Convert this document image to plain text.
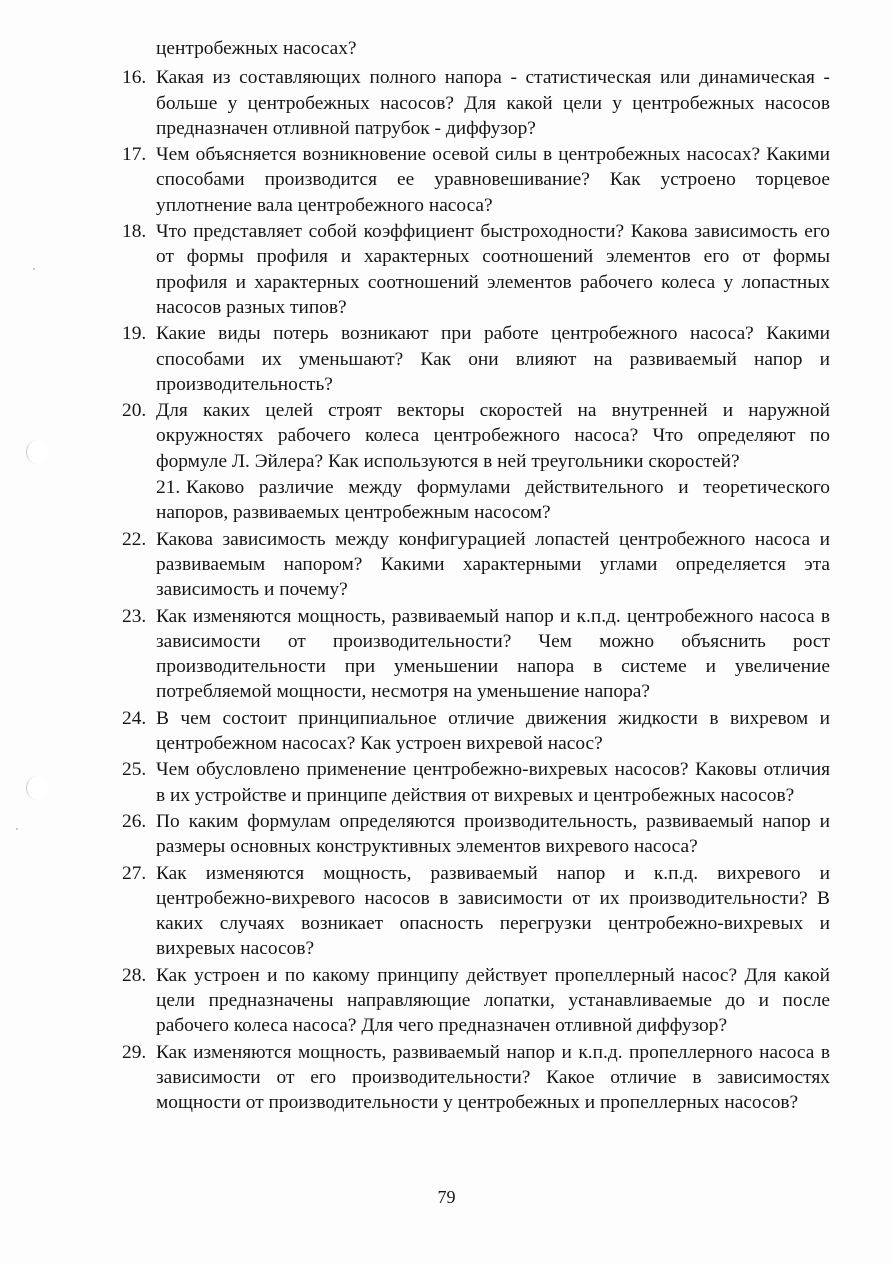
центробежных насосах?

16. Какая из составляющих полного напора - статистическая или динамическая - больше у центробежных насосов? Для какой цели у центробежных насосов предназначен отливной патрубок - диффузор?

17. Чем объясняется возникновение осевой силы в центробежных насосах? Какими способами производится ее уравновешивание? Как устроено торцевое уплотнение вала центробежного насоса?

18. Что представляет собой коэффициент быстроходности? Какова зависимость его от формы профиля и характерных соотношений элементов его от формы профиля и характерных соотношений элементов рабочего колеса у лопастных насосов разных типов?

19. Какие виды потерь возникают при работе центробежного насоса? Какими способами их уменьшают? Как они влияют на развиваемый напор и производительность?

20. Для каких целей строят векторы скоростей на внутренней и наружной окружностях рабочего колеса центробежного насоса? Что определяют по формуле Л. Эйлера? Как используются в ней треугольники скоростей?

21. Каково различие между формулами действительного и теоретического напоров, развиваемых центробежным насосом?

22. Какова зависимость между конфигурацией лопастей центробежного насоса и развиваемым напором? Какими характерными углами определяется эта зависимость и почему?

23. Как изменяются мощность, развиваемый напор и к.п.д. центробежного насоса в зависимости от производительности? Чем можно объяснить рост производительности при уменьшении напора в системе и увеличение потребляемой мощности, несмотря на уменьшение напора?

24. В чем состоит принципиальное отличие движения жидкости в вихревом и центробежном насосах? Как устроен вихревой насос?

25. Чем обусловлено применение центробежно-вихревых насосов? Каковы отличия в их устройстве и принципе действия от вихревых и центробежных насосов?

26. По каким формулам определяются производительность, развиваемый напор и размеры основных конструктивных элементов вихревого насоса?

27. Как изменяются мощность, развиваемый напор и к.п.д. вихревого и центробежно-вихревого насосов в зависимости от их производительности? В каких случаях возникает опасность перегрузки центробежно-вихревых и вихревых насосов?

28. Как устроен и по какому принципу действует пропеллерный насос? Для какой цели предназначены направляющие лопатки, устанавливаемые до и после рабочего колеса насоса? Для чего предназначен отливной диффузор?

29. Как изменяются мощность, развиваемый напор и к.п.д. пропеллерного насоса в зависимости от его производительности? Какое отличие в зависимостях мощности от производительности у центробежных и пропеллерных насосов?

79
